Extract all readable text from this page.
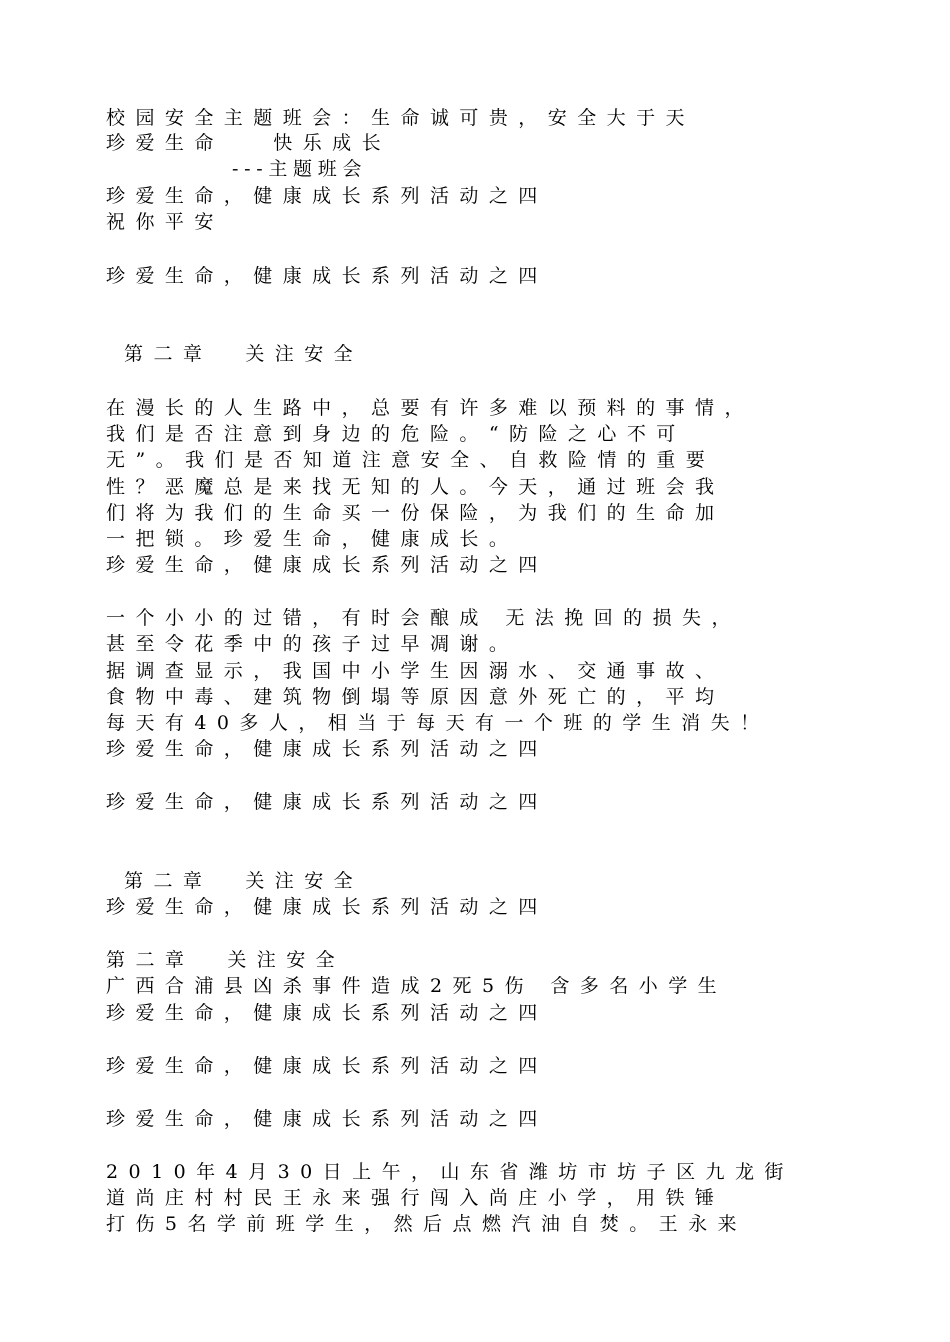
校园安全主题班会：生命诚可贵，安全大于天
珍爱生命   快乐成长
---主题班会
珍爱生命，健康成长系列活动之四
祝你平安
珍爱生命，健康成长系列活动之四
第二章  关注安全
在漫长的人生路中，总要有许多难以预料的事情，
我们是否注意到身边的危险。“防险之心不可
无”。我们是否知道注意安全、自救险情的重要
性？恶魔总是来找无知的人。今天，通过班会我
们将为我们的生命买一份保险，为我们的生命加
一把锁。珍爱生命，健康成长。
珍爱生命，健康成长系列活动之四
一个小小的过错，有时会酿成 无法挽回的损失，
甚至令花季中的孩子过早凋谢。
据调查显示，我国中小学生因溺水、交通事故、
食物中毒、建筑物倒塌等原因意外死亡的，平均
每天有40多人，相当于每天有一个班的学生消失！
珍爱生命，健康成长系列活动之四
珍爱生命，健康成长系列活动之四
第二章  关注安全
珍爱生命，健康成长系列活动之四
第二章  关注安全
广西合浦县凶杀事件造成2死5伤 含多名小学生
珍爱生命，健康成长系列活动之四
珍爱生命，健康成长系列活动之四
珍爱生命，健康成长系列活动之四
2010年4月30日上午，山东省潍坊市坊子区九龙街
道尚庄村村民王永来强行闯入尚庄小学，用铁锤
打伤5名学前班学生，然后点燃汽油自焚。王永来
